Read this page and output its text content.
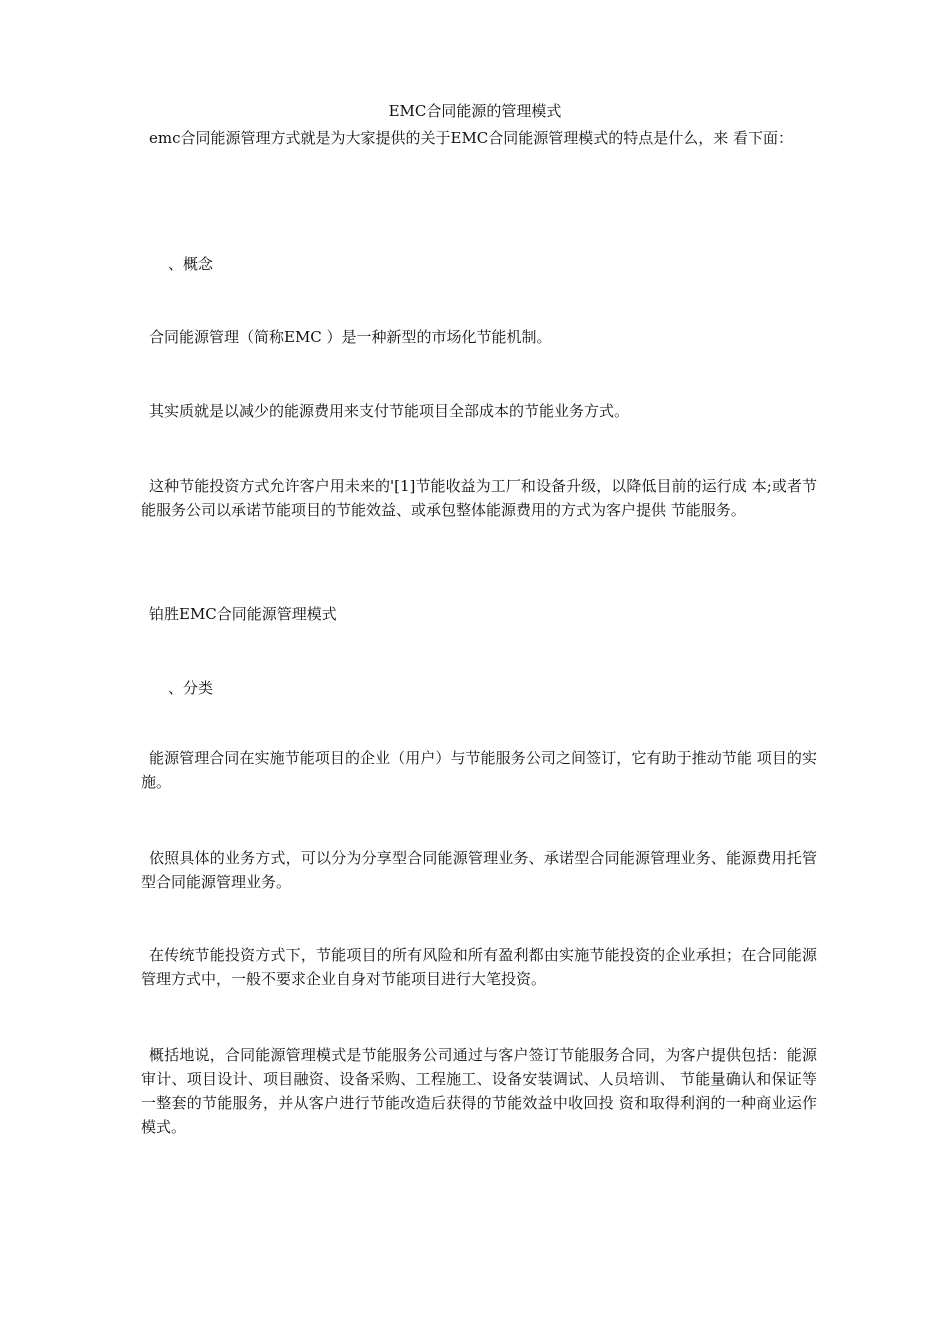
EMC合同能源的管理模式
emc合同能源管理方式就是为大家提供的关于EMC合同能源管理模式的特点是什么，来 看下面：
、概念
合同能源管理（简称EMC ）是一种新型的市场化节能机制。
其实质就是以减少的能源费用来支付节能项目全部成本的节能业务方式。
这种节能投资方式允许客户用未来的'[1]节能收益为工厂和设备升级，以降低目前的运行成 本;或者节能服务公司以承诺节能项目的节能效益、或承包整体能源费用的方式为客户提供 节能服务。
铂胜EMC合同能源管理模式
、分类
能源管理合同在实施节能项目的企业（用户）与节能服务公司之间签订，它有助于推动节能 项目的实施。
依照具体的业务方式，可以分为分享型合同能源管理业务、承诺型合同能源管理业务、能源费用托管型合同能源管理业务。
在传统节能投资方式下，节能项目的所有风险和所有盈利都由实施节能投资的企业承担；在合同能源管理方式中，一般不要求企业自身对节能项目进行大笔投资。
概括地说，合同能源管理模式是节能服务公司通过与客户签订节能服务合同，为客户提供包括：能源审计、项目设计、项目融资、设备采购、工程施工、设备安装调试、人员培训、 节能量确认和保证等一整套的节能服务，并从客户进行节能改造后获得的节能效益中收回投 资和取得利润的一种商业运作模式。
